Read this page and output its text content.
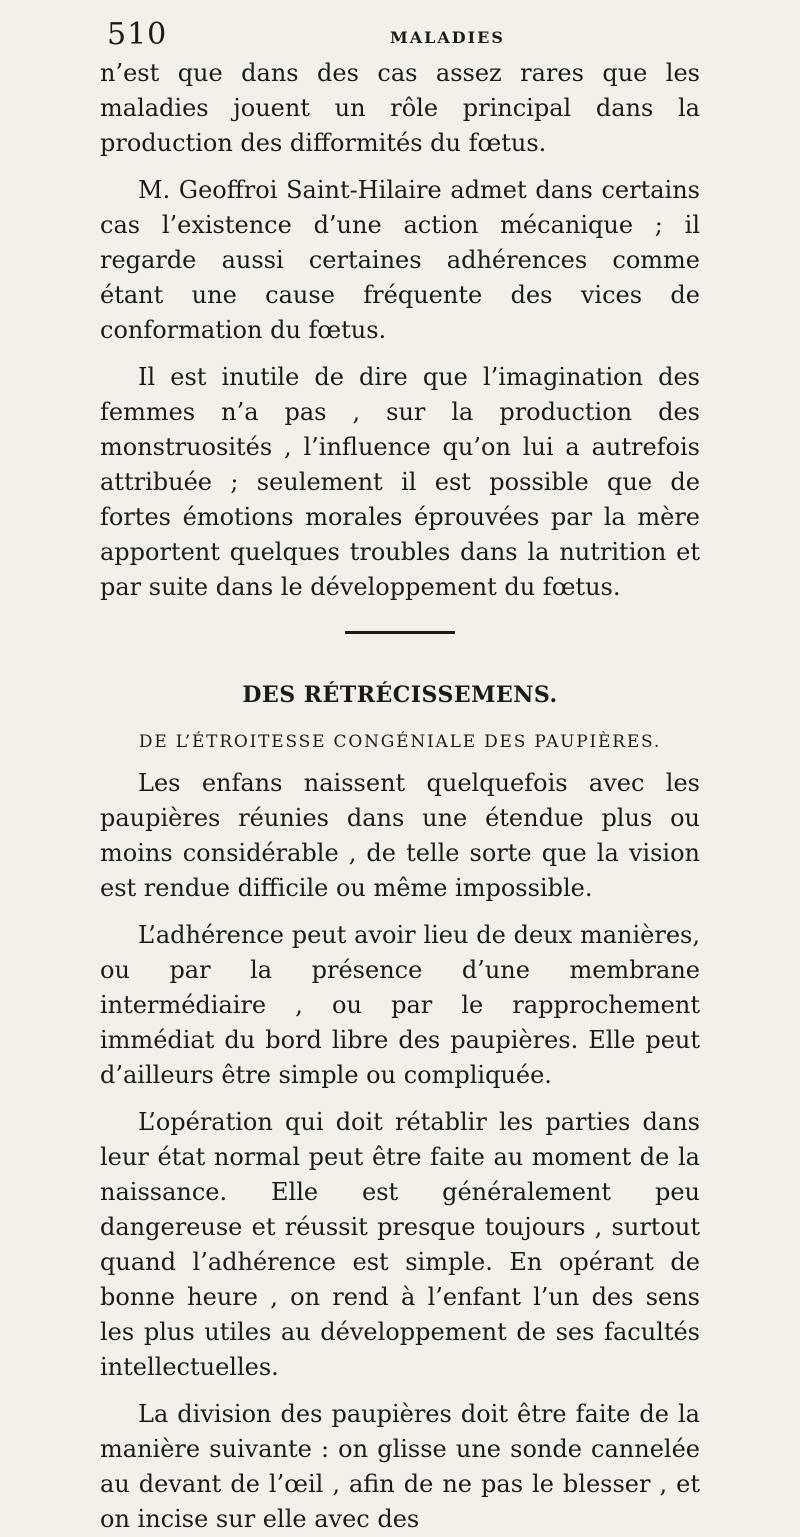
510	MALADIES

n’est que dans des cas assez rares que les maladies jouent un rôle principal dans la production des difformités du fœtus.

M. Geoffroi Saint-Hilaire admet dans certains cas l’existence d’une action mécanique ; il regarde aussi certaines adhérences comme étant une cause fréquente des vices de conformation du fœtus.

Il est inutile de dire que l’imagination des femmes n’a pas , sur la production des monstruosités , l’influence qu’on lui a autrefois attribuée ; seulement il est possible que de fortes émotions morales éprouvées par la mère apportent quelques troubles dans la nutrition et par suite dans le développement du fœtus.

DES RÉTRÉCISSEMENS.
DE L’ÉTROITESSE CONGÉNIALE DES PAUPIÈRES.

Les enfans naissent quelquefois avec les paupières réunies dans une étendue plus ou moins considérable , de telle sorte que la vision est rendue difficile ou même impossible.

L’adhérence peut avoir lieu de deux manières, ou par la présence d’une membrane intermédiaire , ou par le rapprochement immédiat du bord libre des paupières. Elle peut d’ailleurs être simple ou compliquée.

L’opération qui doit rétablir les parties dans leur état normal peut être faite au moment de la naissance. Elle est généralement peu dangereuse et réussit presque toujours , surtout quand l’adhérence est simple. En opérant de bonne heure , on rend à l’enfant l’un des sens les plus utiles au développement de ses facultés intellectuelles.

La division des paupières doit être faite de la manière suivante : on glisse une sonde cannelée au devant de l’œil , afin de ne pas le blesser , et on incise sur elle avec des
